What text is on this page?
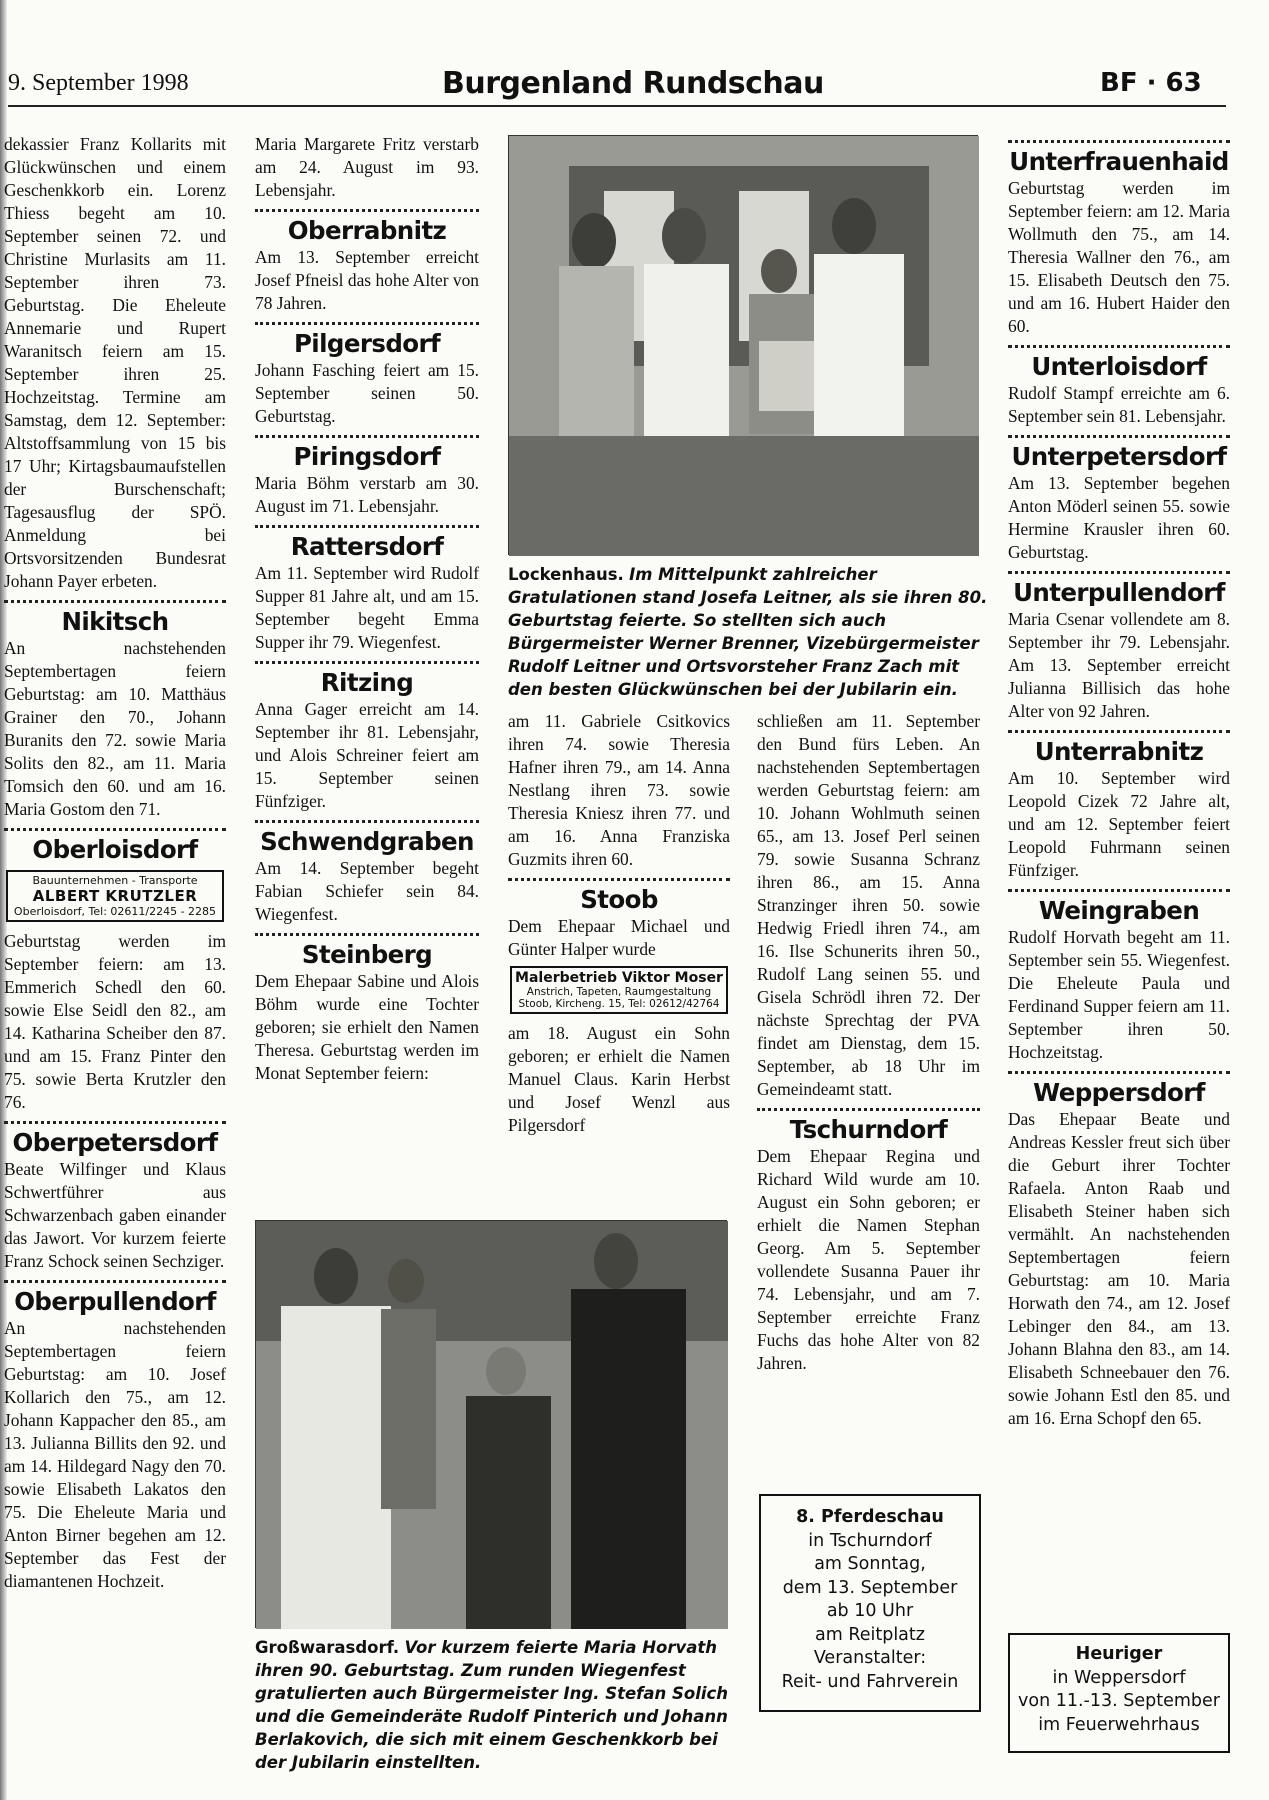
9. September 1998	Burgenland Rundschau	BF · 63

dekassier Franz Kollarits mit Glückwünschen und einem Geschenkkorb ein. Lorenz Thiess begeht am 10. September seinen 72. und Christine Murlasits am 11. September ihren 73. Geburtstag. Die Eheleute Annemarie und Rupert Waranitsch feiern am 15. September ihren 25. Hochzeitstag. Termine am Samstag, dem 12. September: Altstoffsammlung von 15 bis 17 Uhr; Kirtagsbaumaufstellen der Burschenschaft; Tagesausflug der SPÖ. Anmeldung bei Ortsvorsitzenden Bundesrat Johann Payer erbeten.

Nikitsch

An nachstehenden Septembertagen feiern Geburtstag: am 10. Matthäus Grainer den 70., Johann Buranits den 72. sowie Maria Solits den 82., am 11. Maria Tomsich den 60. und am 16. Maria Gostom den 71.

Oberloisdorf
Bauunternehmen - Transporte
ALBERT KRUTZLER
Oberloisdorf, Tel: 02611/2245 - 2285

Geburtstag werden im September feiern: am 13. Emmerich Schedl den 60. sowie Else Seidl den 82., am 14. Katharina Scheiber den 87. und am 15. Franz Pinter den 75. sowie Berta Krutzler den 76.

Oberpetersdorf

Beate Wilfinger und Klaus Schwertführer aus Schwarzenbach gaben einander das Jawort. Vor kurzem feierte Franz Schock seinen Sechziger.

Oberpullendorf

An nachstehenden Septembertagen feiern Geburtstag: am 10. Josef Kollarich den 75., am 12. Johann Kappacher den 85., am 13. Julianna Billits den 92. und am 14. Hildegard Nagy den 70. sowie Elisabeth Lakatos den 75. Die Eheleute Maria und Anton Birner begehen am 12. September das Fest der diamantenen Hochzeit.

Maria Margarete Fritz verstarb am 24. August im 93. Lebensjahr.

Oberrabnitz

Am 13. September erreicht Josef Pfneisl das hohe Alter von 78 Jahren.

Pilgersdorf

Johann Fasching feiert am 15. September seinen 50. Geburtstag.

Piringsdorf

Maria Böhm verstarb am 30. August im 71. Lebensjahr.

Rattersdorf

Am 11. September wird Rudolf Supper 81 Jahre alt, und am 15. September begeht Emma Supper ihr 79. Wiegenfest.

Ritzing

Anna Gager erreicht am 14. September ihr 81. Lebensjahr, und Alois Schreiner feiert am 15. September seinen Fünfziger.

Schwendgraben

Am 14. September begeht Fabian Schiefer sein 84. Wiegenfest.

Steinberg

Dem Ehepaar Sabine und Alois Böhm wurde eine Tochter geboren; sie erhielt den Namen Theresa. Geburtstag werden im Monat September feiern:

Lockenhaus. Im Mittelpunkt zahlreicher Gratulationen stand Josefa Leitner, als sie ihren 80. Geburtstag feierte. So stellten sich auch Bürgermeister Werner Brenner, Vizebürgermeister Rudolf Leitner und Ortsvorsteher Franz Zach mit den besten Glückwünschen bei der Jubilarin ein.

am 11. Gabriele Csitkovics ihren 74. sowie Theresia Hafner ihren 79., am 14. Anna Nestlang ihren 73. sowie Theresia Kniesz ihren 77. und am 16. Anna Franziska Guzmits ihren 60.

Stoob

Dem Ehepaar Michael und Günter Halper wurde

Malerbetrieb Viktor Moser
Anstrich, Tapeten, Raumgestaltung
Stoob, Kircheng. 15, Tel: 02612/42764

am 18. August ein Sohn geboren; er erhielt die Namen Manuel Claus. Karin Herbst und Josef Wenzl aus Pilgersdorf

schließen am 11. September den Bund fürs Leben. An nachstehenden Septembertagen werden Geburtstag feiern: am 10. Johann Wohlmuth seinen 65., am 13. Josef Perl seinen 79. sowie Susanna Schranz ihren 86., am 15. Anna Stranzinger ihren 50. sowie Hedwig Friedl ihren 74., am 16. Ilse Schunerits ihren 50., Rudolf Lang seinen 55. und Gisela Schrödl ihren 72. Der nächste Sprechtag der PVA findet am Dienstag, dem 15. September, ab 18 Uhr im Gemeindeamt statt.

Tschurndorf

Dem Ehepaar Regina und Richard Wild wurde am 10. August ein Sohn geboren; er erhielt die Namen Stephan Georg. Am 5. September vollendete Susanna Pauer ihr 74. Lebensjahr, und am 7. September erreichte Franz Fuchs das hohe Alter von 82 Jahren.

Großwarasdorf. Vor kurzem feierte Maria Horvath ihren 90. Geburtstag. Zum runden Wiegenfest gratulierten auch Bürgermeister Ing. Stefan Solich und die Gemeinderäte Rudolf Pinterich und Johann Berlakovich, die sich mit einem Geschenkkorb bei der Jubilarin einstellten.
8. Pferdeschau
in Tschurndorf
am Sonntag,
dem 13. September
ab 10 Uhr
am Reitplatz
Veranstalter:
Reit- und Fahrverein
Unterfrauenhaid

Geburtstag werden im September feiern: am 12. Maria Wollmuth den 75., am 14. Theresia Wallner den 76., am 15. Elisabeth Deutsch den 75. und am 16. Hubert Haider den 60.

Unterloisdorf

Rudolf Stampf erreichte am 6. September sein 81. Lebensjahr.

Unterpetersdorf

Am 13. September begehen Anton Möderl seinen 55. sowie Hermine Krausler ihren 60. Geburtstag.

Unterpullendorf

Maria Csenar vollendete am 8. September ihr 79. Lebensjahr. Am 13. September erreicht Julianna Billisich das hohe Alter von 92 Jahren.

Unterrabnitz

Am 10. September wird Leopold Cizek 72 Jahre alt, und am 12. September feiert Leopold Fuhrmann seinen Fünfziger.

Weingraben

Rudolf Horvath begeht am 11. September sein 55. Wiegenfest. Die Eheleute Paula und Ferdinand Supper feiern am 11. September ihren 50. Hochzeitstag.

Weppersdorf

Das Ehepaar Beate und Andreas Kessler freut sich über die Geburt ihrer Tochter Rafaela. Anton Raab und Elisabeth Steiner haben sich vermählt. An nachstehenden Septembertagen feiern Geburtstag: am 10. Maria Horwath den 74., am 12. Josef Lebinger den 84., am 13. Johann Blahna den 83., am 14. Elisabeth Schneebauer den 76. sowie Johann Estl den 85. und am 16. Erna Schopf den 65.

Heuriger
in Weppersdorf
von 11.-13. September
im Feuerwehrhaus
